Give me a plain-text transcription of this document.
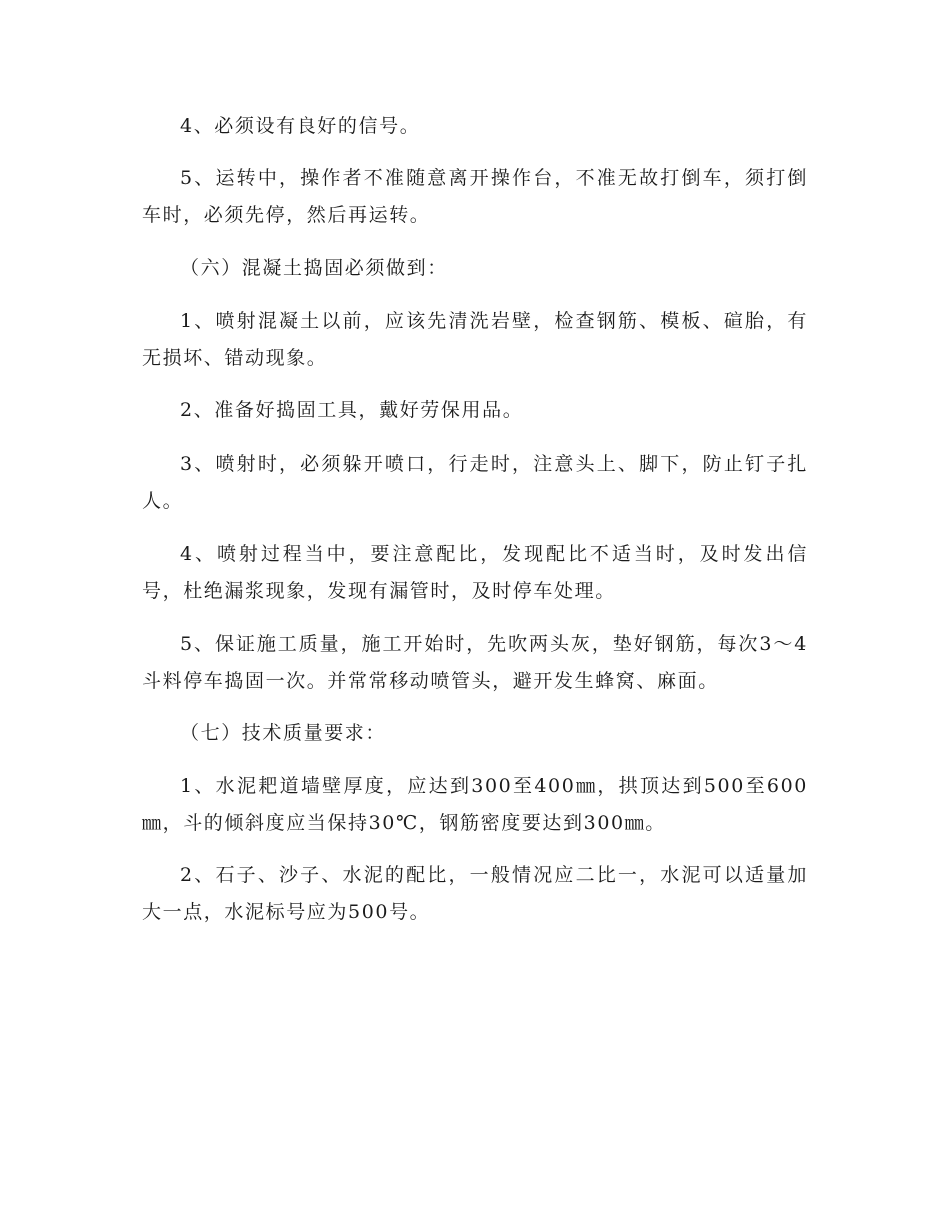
4、必须设有良好的信号。

5、运转中，操作者不准随意离开操作台，不准无故打倒车，须打倒车时，必须先停，然后再运转。

（六）混凝土捣固必须做到：

1、喷射混凝土以前，应该先清洗岩壁，检查钢筋、模板、碹胎，有无损坏、错动现象。

2、准备好捣固工具，戴好劳保用品。

3、喷射时，必须躲开喷口，行走时，注意头上、脚下，防止钉子扎人。

4、喷射过程当中，要注意配比，发现配比不适当时，及时发出信号，杜绝漏浆现象，发现有漏管时，及时停车处理。

5、保证施工质量，施工开始时，先吹两头灰，垫好钢筋，每次3～4斗料停车捣固一次。并常常移动喷管头，避开发生蜂窝、麻面。

（七）技术质量要求：

1、水泥耙道墙壁厚度，应达到300至400㎜，拱顶达到500至600㎜，斗的倾斜度应当保持30℃，钢筋密度要达到300㎜。

2、石子、沙子、水泥的配比，一般情况应二比一，水泥可以适量加大一点，水泥标号应为500号。
